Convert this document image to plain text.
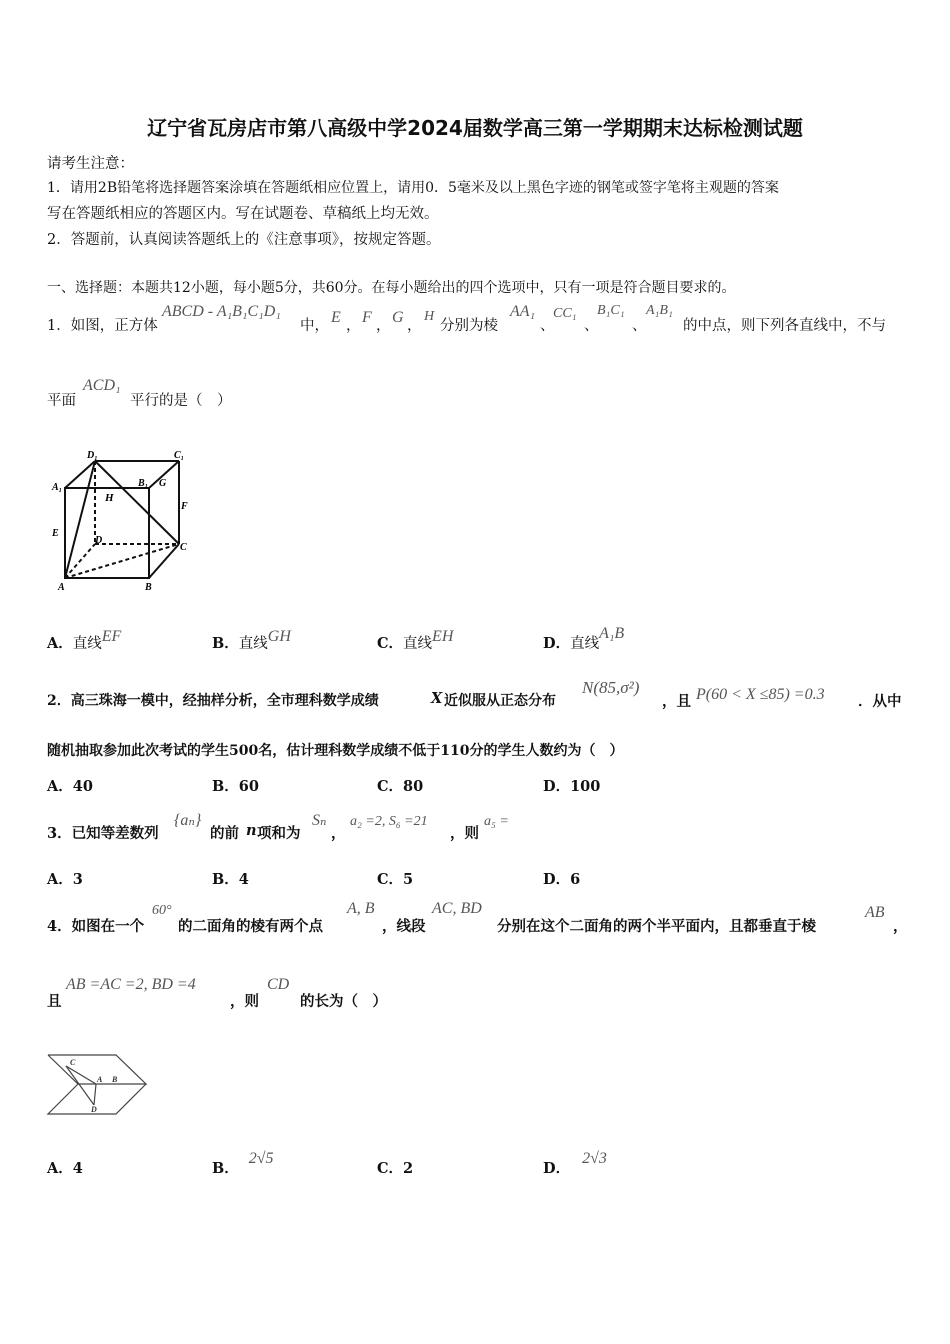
辽宁省瓦房店市第八高级中学2024届数学高三第一学期期末达标检测试题
请考生注意：
1．请用2B铅笔将选择题答案涂填在答题纸相应位置上，请用0．5毫米及以上黑色字迹的钢笔或签字笔将主观题的答案
写在答题纸相应的答题区内。写在试题卷、草稿纸上均无效。
2．答题前，认真阅读答题纸上的《注意事项》，按规定答题。
一、选择题：本题共12小题，每小题5分，共60分。在每小题给出的四个选项中，只有一项是符合题目要求的。
1．如图，正方体
ABCD - A₁B₁C₁D₁
中， E ， F ， G ，
H
分别为棱
AA₁
、
CC₁
、
B₁C₁
、
A₁B₁
的中点，则下列各直线中，不与
平面
ACD₁
平行的是（　）
D₁	C₁
A₁	B₁ G
H
F
E
D
C
A	B
A．直线EF	B．直线GH	C．直线EH	D．直线A₁B
2．高三珠海一模中，经抽样分析，全市理科数学成绩	X 近似服从正态分布
N(85,σ²)
，且 P(60 < X ≤85) =0.3 ．从中
随机抽取参加此次考试的学生500名，估计理科数学成绩不低于110分的学生人数约为（　）
A．40	B．60	C．80	D．100
3．已知等差数列
{aₙ}
的前 n 项和为
Sₙ
，
a₂ =2, S₆ =21
，则
a₅ =
A．3	B．4	C．5	D．6
4．如图在一个
60°
的二面角的棱有两个点
A, B
，线段
AC, BD
分别在这个二面角的两个半平面内，且都垂直于棱
AB
，
且
AB =AC =2, BD =4
，则
CD
的长为（　）
C
A B
D
A．4	B．2√5
C．2	D．2√3
